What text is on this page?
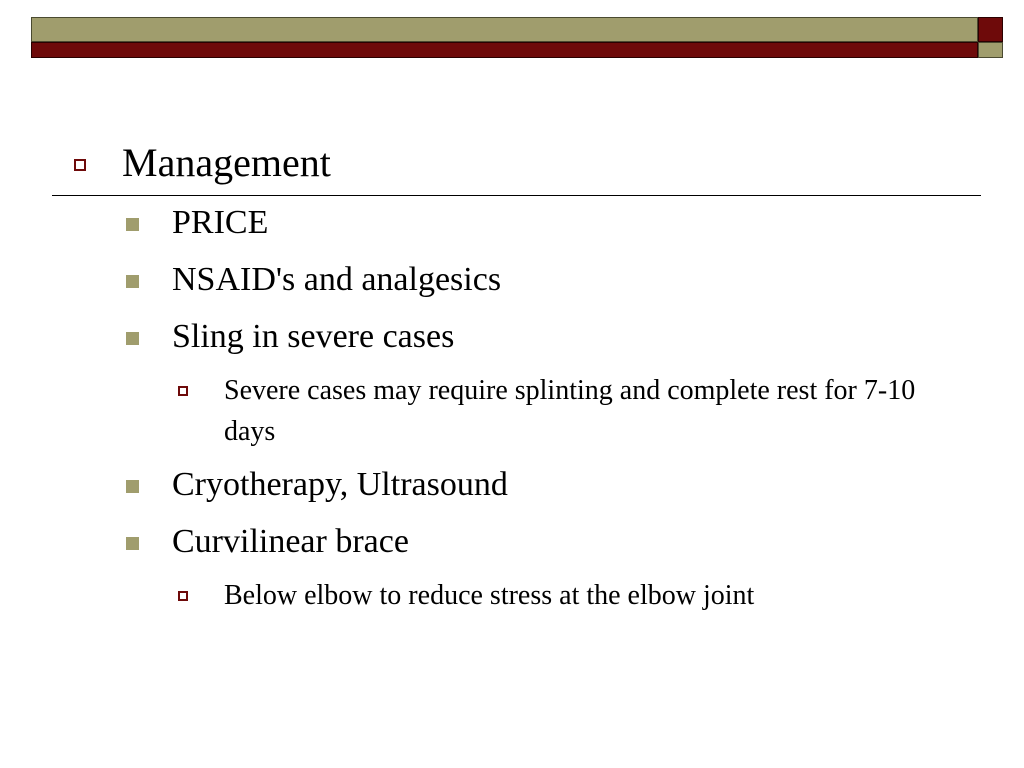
Management
PRICE
NSAID's and analgesics
Sling in severe cases
Severe cases may require splinting and complete rest for 7-10 days
Cryotherapy, Ultrasound
Curvilinear brace
Below elbow to reduce stress at the elbow joint
